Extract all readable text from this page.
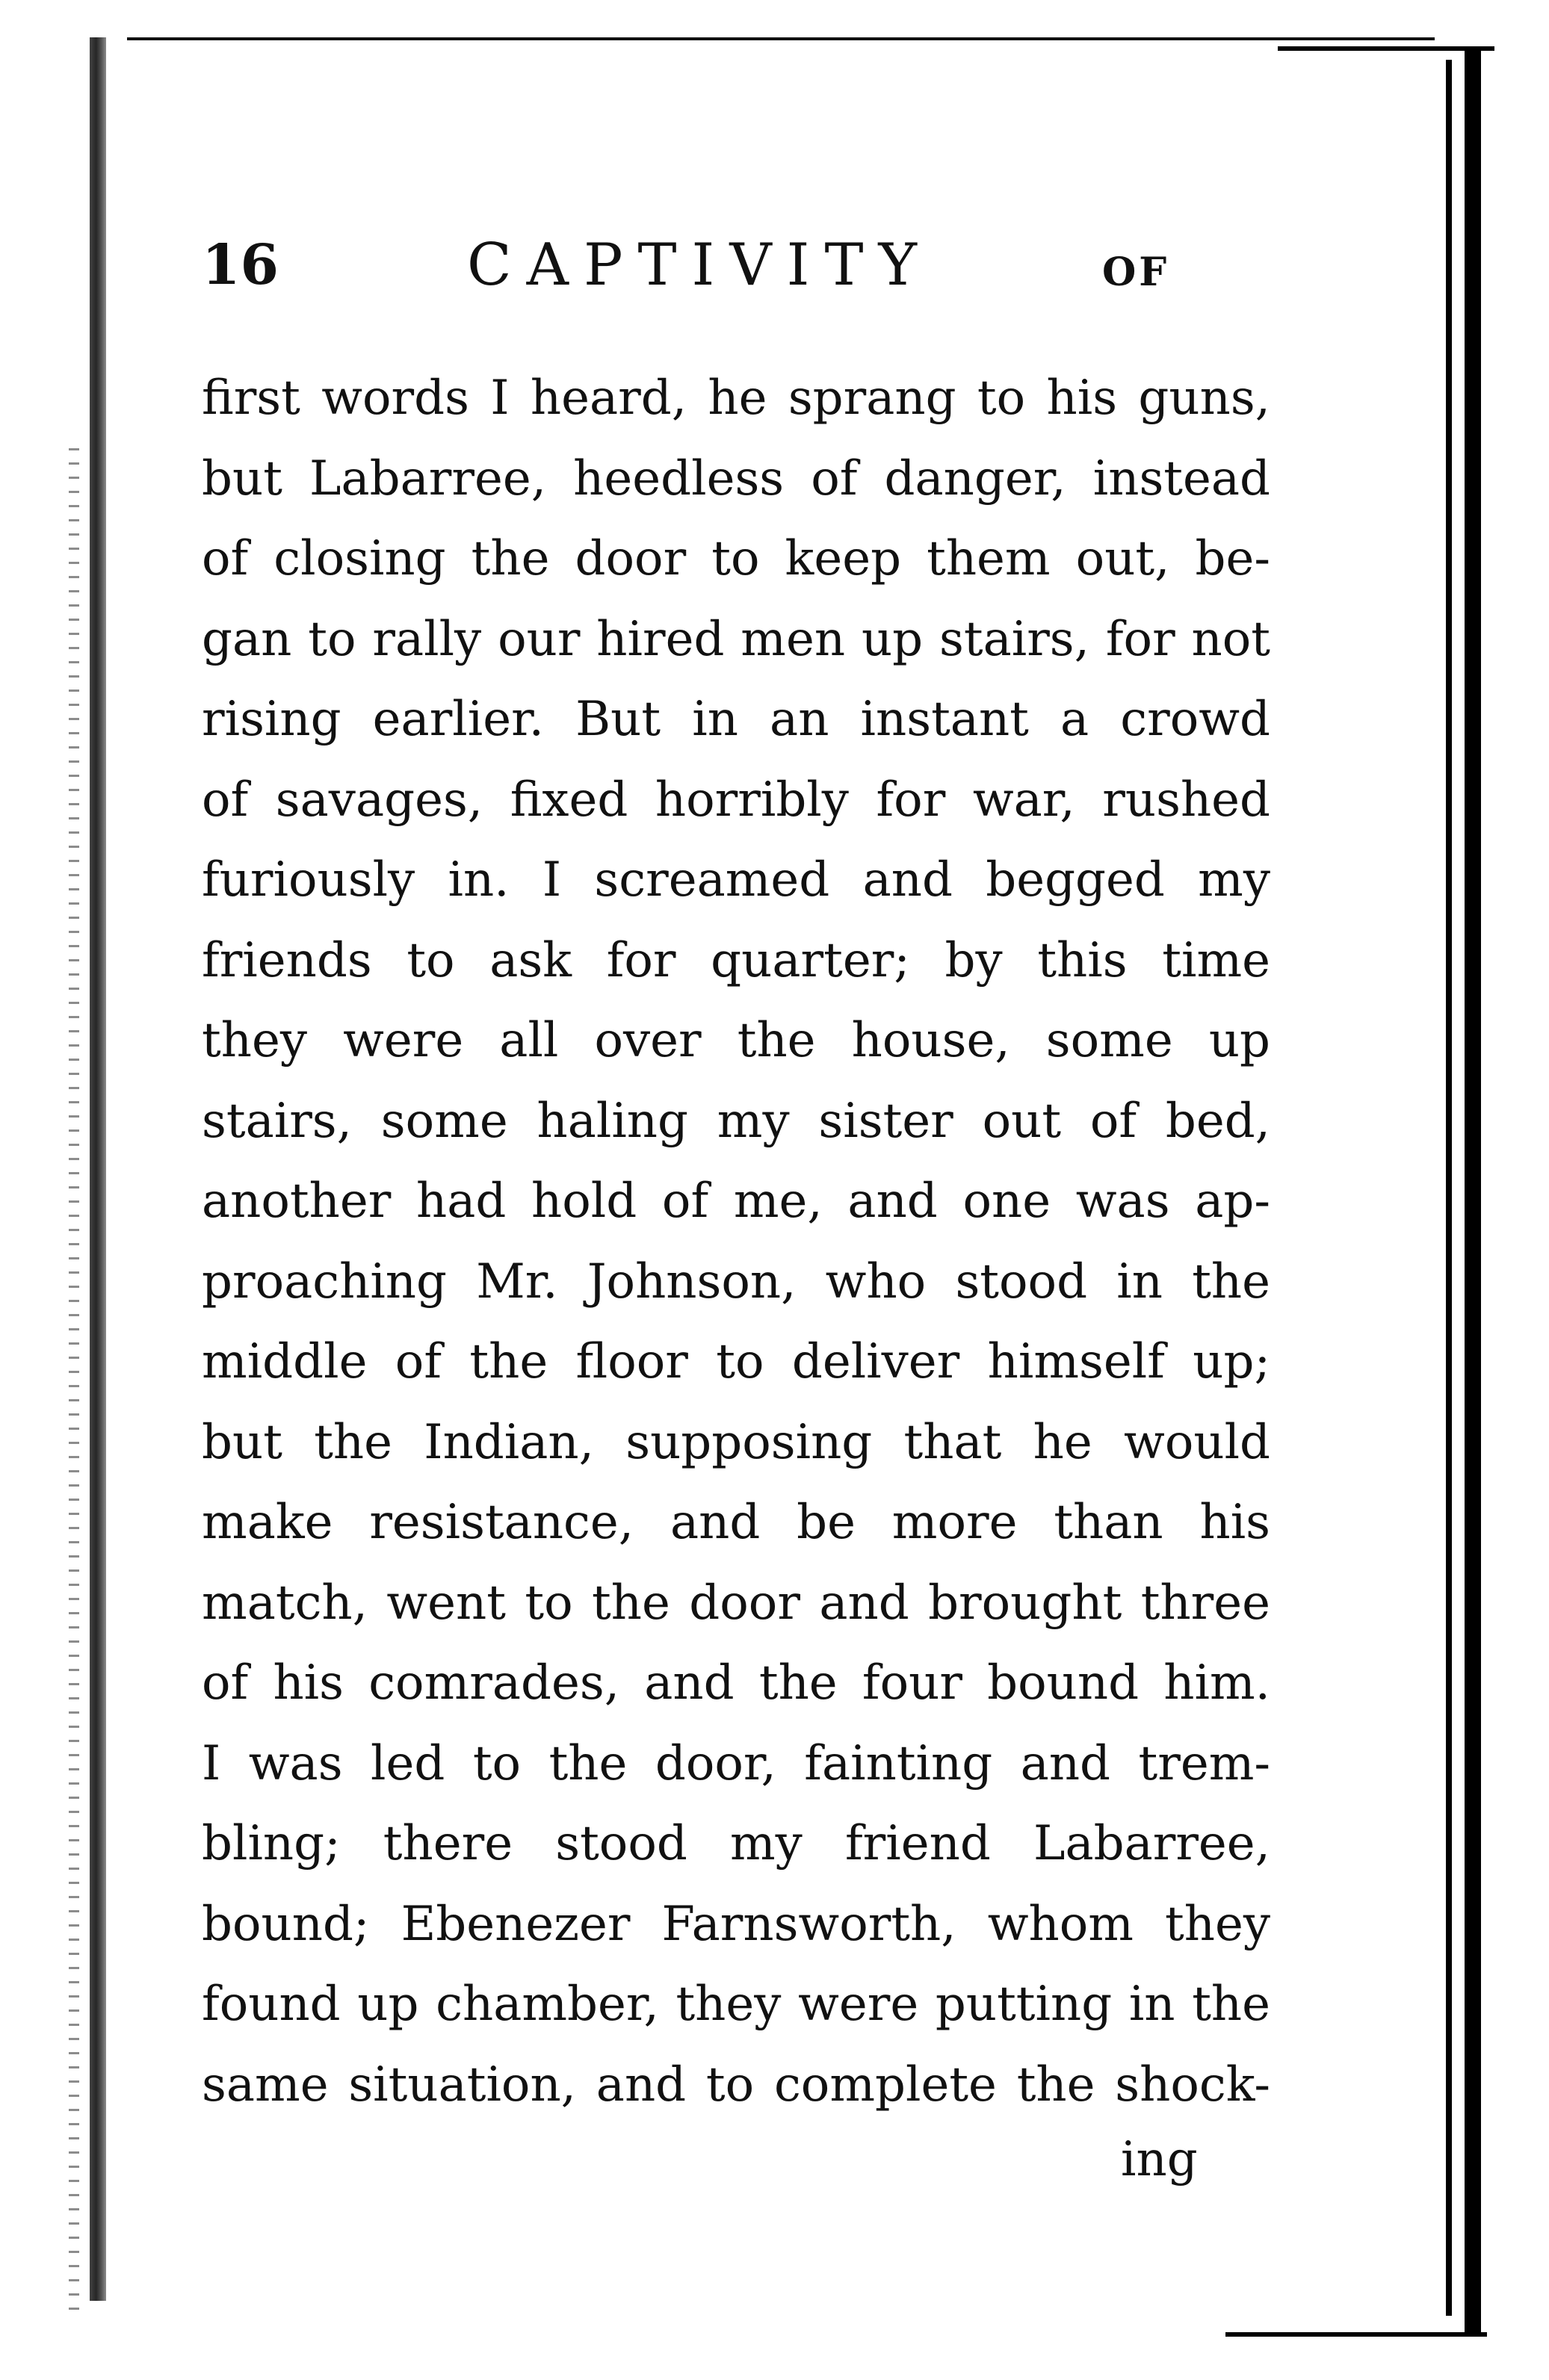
16	CAPTIVITY	OF
first words I heard, he sprang to his guns,
but Labarree, heedless of danger, instead
of closing the door to keep them out, be-
gan to rally our hired men up stairs, for not
rising earlier. But in an instant a crowd
of savages, fixed horribly for war, rushed
furiously in. I screamed and begged my
friends to ask for quarter; by this time
they were all over the house, some up
stairs, some haling my sister out of bed,
another had hold of me, and one was ap-
proaching Mr. Johnson, who stood in the
middle of the floor to deliver himself up;
but the Indian, supposing that he would
make resistance, and be more than his
match, went to the door and brought three
of his comrades, and the four bound him.
I was led to the door, fainting and trem-
bling; there stood my friend Labarree,
bound; Ebenezer Farnsworth, whom they
found up chamber, they were putting in the
same situation, and to complete the shock-
ing
